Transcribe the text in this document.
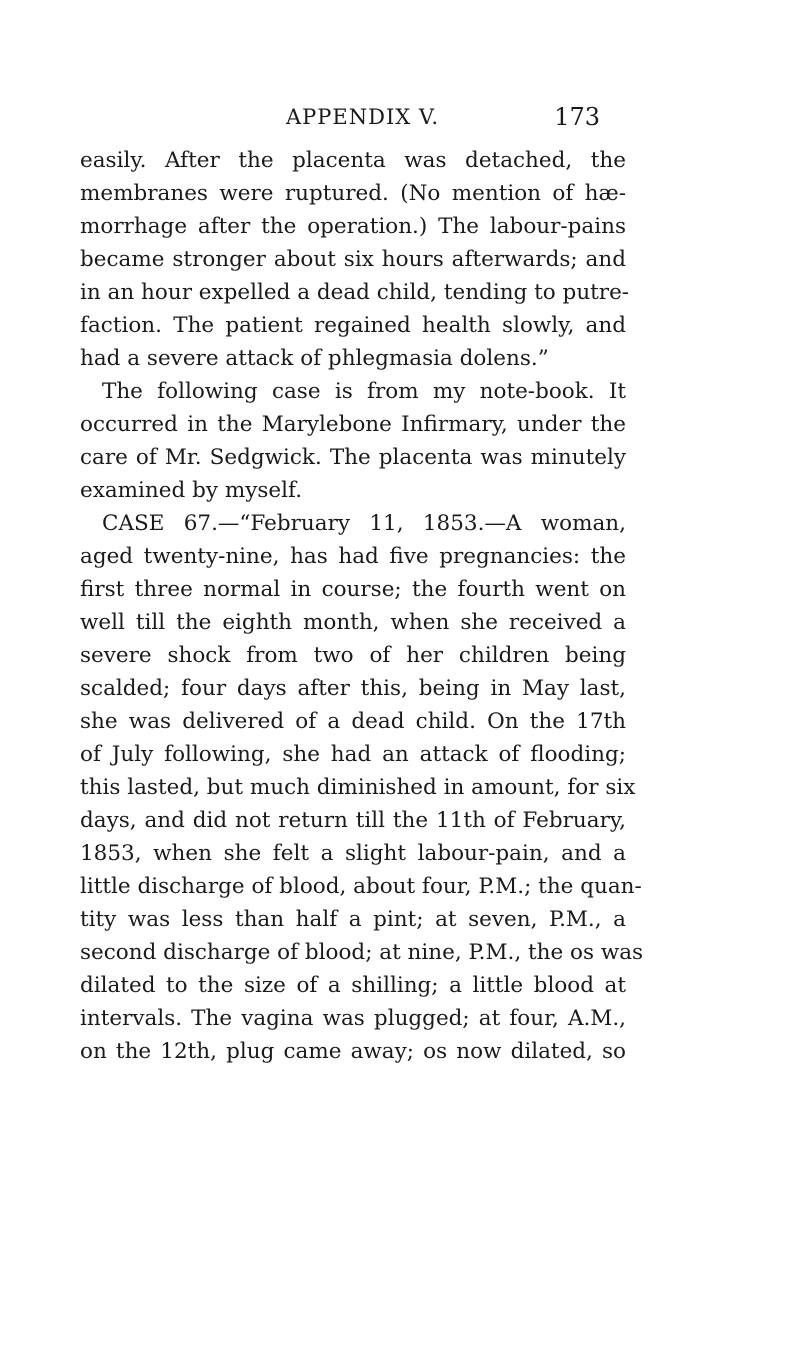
APPENDIX V.	173
easily. After the placenta was detached, the
membranes were ruptured. (No mention of hæ-
morrhage after the operation.) The labour-pains
became stronger about six hours afterwards; and
in an hour expelled a dead child, tending to putre-
faction. The patient regained health slowly, and
had a severe attack of phlegmasia dolens.”
The following case is from my note-book. It
occurred in the Marylebone Infirmary, under the
care of Mr. Sedgwick. The placenta was minutely
examined by myself.
CASE 67.—“February 11, 1853.—A woman,
aged twenty-nine, has had five pregnancies: the
first three normal in course; the fourth went on
well till the eighth month, when she received a
severe shock from two of her children being
scalded; four days after this, being in May last,
she was delivered of a dead child. On the 17th
of July following, she had an attack of flooding;
this lasted, but much diminished in amount, for six
days, and did not return till the 11th of February,
1853, when she felt a slight labour-pain, and a
little discharge of blood, about four, P.M.; the quan-
tity was less than half a pint; at seven, P.M., a
second discharge of blood; at nine, P.M., the os was
dilated to the size of a shilling; a little blood at
intervals. The vagina was plugged; at four, A.M.,
on the 12th, plug came away; os now dilated, so
